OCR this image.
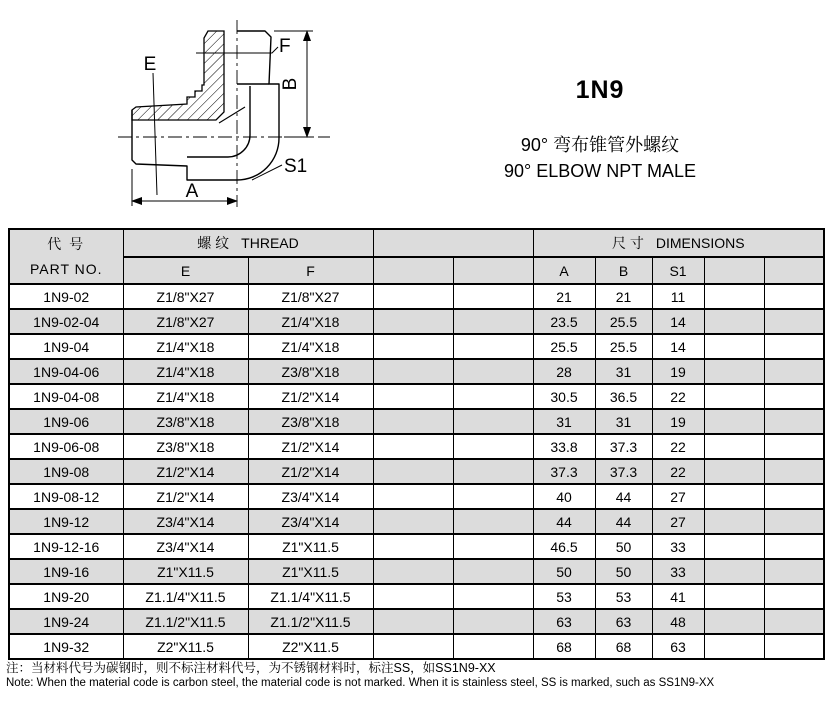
A
B
E
F
S1

1N9

90° 弯布锥管外螺纹

90° ELBOW NPT MALE

代 号
PART NO.	螺 纹 THREAD				尺 寸 DIMENSIONS				
	E	F			A	B	S1		
1N9-02	Z1/8"X27	Z1/8"X27			21	21	11		
1N9-02-04	Z1/8"X27	Z1/4"X18			23.5	25.5	14		
1N9-04	Z1/4"X18	Z1/4"X18			25.5	25.5	14		
1N9-04-06	Z1/4"X18	Z3/8"X18			28	31	19		
1N9-04-08	Z1/4"X18	Z1/2"X14			30.5	36.5	22		
1N9-06	Z3/8"X18	Z3/8"X18			31	31	19		
1N9-06-08	Z3/8"X18	Z1/2"X14			33.8	37.3	22		
1N9-08	Z1/2"X14	Z1/2"X14			37.3	37.3	22		
1N9-08-12	Z1/2"X14	Z3/4"X14			40	44	27		
1N9-12	Z3/4"X14	Z3/4"X14			44	44	27		
1N9-12-16	Z3/4"X14	Z1"X11.5			46.5	50	33		
1N9-16	Z1"X11.5	Z1"X11.5			50	50	33		
1N9-20	Z1.1/4"X11.5	Z1.1/4"X11.5			53	53	41		
1N9-24	Z1.1/2"X11.5	Z1.1/2"X11.5			63	63	48		
1N9-32	Z2"X11.5	Z2"X11.5			68	68	63		

注：当材料代号为碳钢时，则不标注材料代号，为不锈钢材料时，标注SS，如SS1N9-XX

Note: When the material code is carbon steel, the material code is not marked. When it is stainless steel, SS is marked, such as SS1N9-XX
